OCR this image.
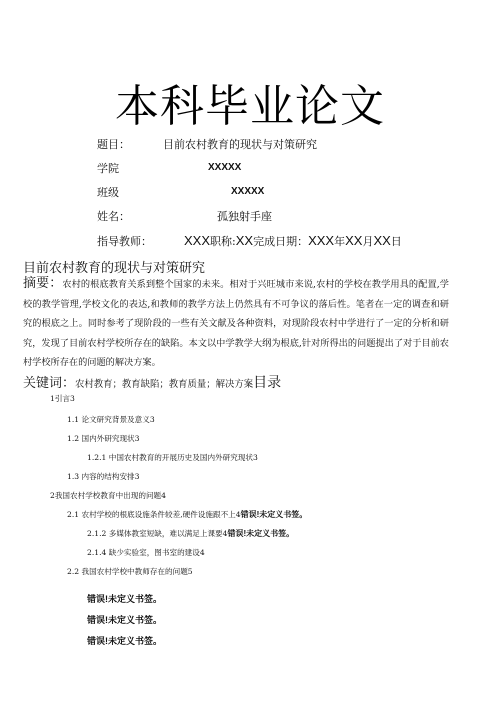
本科毕业论文
题目：	目前农村教育的现状与对策研究
学院	XXXXX
班级	XXXXX
姓名：	孤独射手座
指导教师： XXX职称:XX完成日期：XXX年XX月XX日
目前农村教育的现状与对策研究
摘要：农村的根底教育关系到整个国家的未来。相对于兴旺城市来说,农村的学校在教学用具的配置,学校的教学管理,学校文化的表达,和教师的教学方法上仍然具有不可争议的落后性。笔者在一定的调查和研究的根底之上。同时参考了现阶段的一些有关文献及各种资料，对现阶段农村中学进行了一定的分析和研究，发现了目前农村学校所存在的缺陷。本文以中学教学大纲为根底,针对所得出的问题提出了对于目前农村学校所存在的问题的解决方案。
关键词：农村教育；教育缺陷；教育质量；解决方案目录
1引言3
1.1 论文研究背景及意义3
1.2 国内外研究现状3
1.2.1 中国农村教育的开展历史及国内外研究现状3
1.3 内容的结构安排3
2我国农村学校教育中出现的问题4
2.1 农村学校的根底设施条件较差,硬件设施跟不上4错误!未定义书签。
2.1.2 多媒体教室短缺，难以满足上课要4错误!未定义书签。
2.1.4 缺少实验室，图书室的建设4
2.2 我国农村学校中教师存在的问题5
错误!未定义书签。
错误!未定义书签。
错误!未定义书签。
